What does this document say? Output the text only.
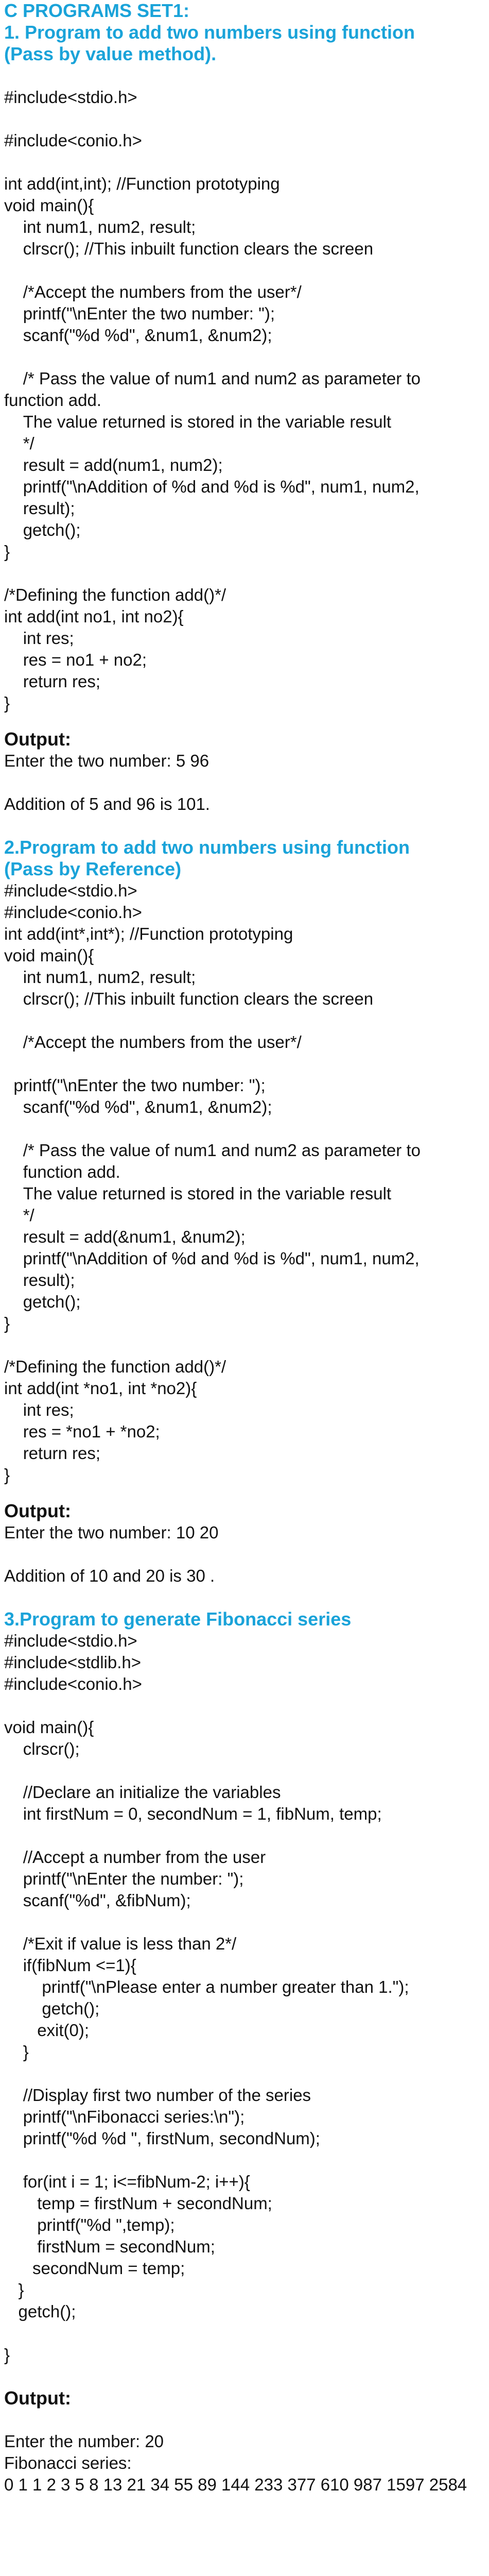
C PROGRAMS SET1:
1. Program to add two numbers using function
(Pass by value method).

#include<stdio.h>

#include<conio.h>

int add(int,int); //Function prototyping
void main(){
int num1, num2, result;
clrscr(); //This inbuilt function clears the screen

/*Accept the numbers from the user*/
printf("\nEnter the two number: ");
scanf("%d %d", &num1, &num2);

/* Pass the value of num1 and num2 as parameter to
function add.
The value returned is stored in the variable result
*/
result = add(num1, num2);
printf("\nAddition of %d and %d is %d", num1, num2,
result);
getch();
}

/*Defining the function add()*/
int add(int no1, int no2){
int res;
res = no1 + no2;
return res;
}
Output:
Enter the two number: 5 96

Addition of 5 and 96 is 101.
2.Program to add two numbers using function
(Pass by Reference)
#include<stdio.h>
#include<conio.h>
int add(int*,int*); //Function prototyping
void main(){
int num1, num2, result;
clrscr(); //This inbuilt function clears the screen

/*Accept the numbers from the user*/

printf("\nEnter the two number: ");
scanf("%d %d", &num1, &num2);

/* Pass the value of num1 and num2 as parameter to
function add.
The value returned is stored in the variable result
*/
result = add(&num1, &num2);
printf("\nAddition of %d and %d is %d", num1, num2,
result);
getch();
}

/*Defining the function add()*/
int add(int *no1, int *no2){
int res;
res = *no1 + *no2;
return res;
}
Output:
Enter the two number: 10 20

Addition of 10 and 20 is 30 .
3.Program to generate Fibonacci series
#include<stdio.h>
#include<stdlib.h>
#include<conio.h>

void main(){
clrscr();

//Declare an initialize the variables
int firstNum = 0, secondNum = 1, fibNum, temp;

//Accept a number from the user
printf("\nEnter the number: ");
scanf("%d", &fibNum);

/*Exit if value is less than 2*/
if(fibNum <=1){
printf("\nPlease enter a number greater than 1.");
getch();
exit(0);
}

//Display first two number of the series
printf("\nFibonacci series:\n");
printf("%d %d ", firstNum, secondNum);

for(int i = 1; i<=fibNum-2; i++){
temp = firstNum + secondNum;
printf("%d ",temp);
firstNum = secondNum;
secondNum = temp;
}
getch();

}

Output:

Enter the number: 20
Fibonacci series:
0 1 1 2 3 5 8 13 21 34 55 89 144 233 377 610 987 1597 2584
